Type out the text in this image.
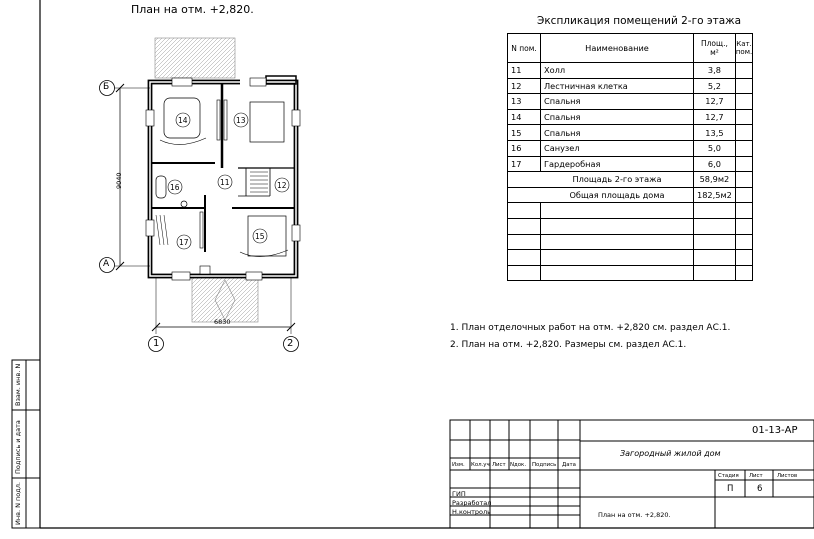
План на отм. +2,820.
Б
А
1	2
6830
9040
14	13
11	12
16
17
15
Экспликация помещений 2-го этажа
N пом.	Наименование	Площ., м²	Кат. пом.
11	Холл	3,8	
12	Лестничная клетка	5,2	
13	Спальня	12,7	
14	Спальня	12,7	
15	Спальня	13,5	
16	Санузел	5,0	
17	Гардеробная	6,0	
	Площадь 2-го этажа	58,9м2	
	Общая площадь дома	182,5м2	

1. План отделочных работ на отм. +2,820 см. раздел АС.1.
2. План на отм. +2,820. Размеры см. раздел АС.1.
01-13-АР
Загородный жилой дом
План на отм. +2,820.
Изм. Кол.уч Лист Nдок. Подпись Дата
ГИП
Разработал
Н.контроль
Стадия Лист	Листов
П	6
Взам. инв. N
Подпись и дата
Инв. N подл.
